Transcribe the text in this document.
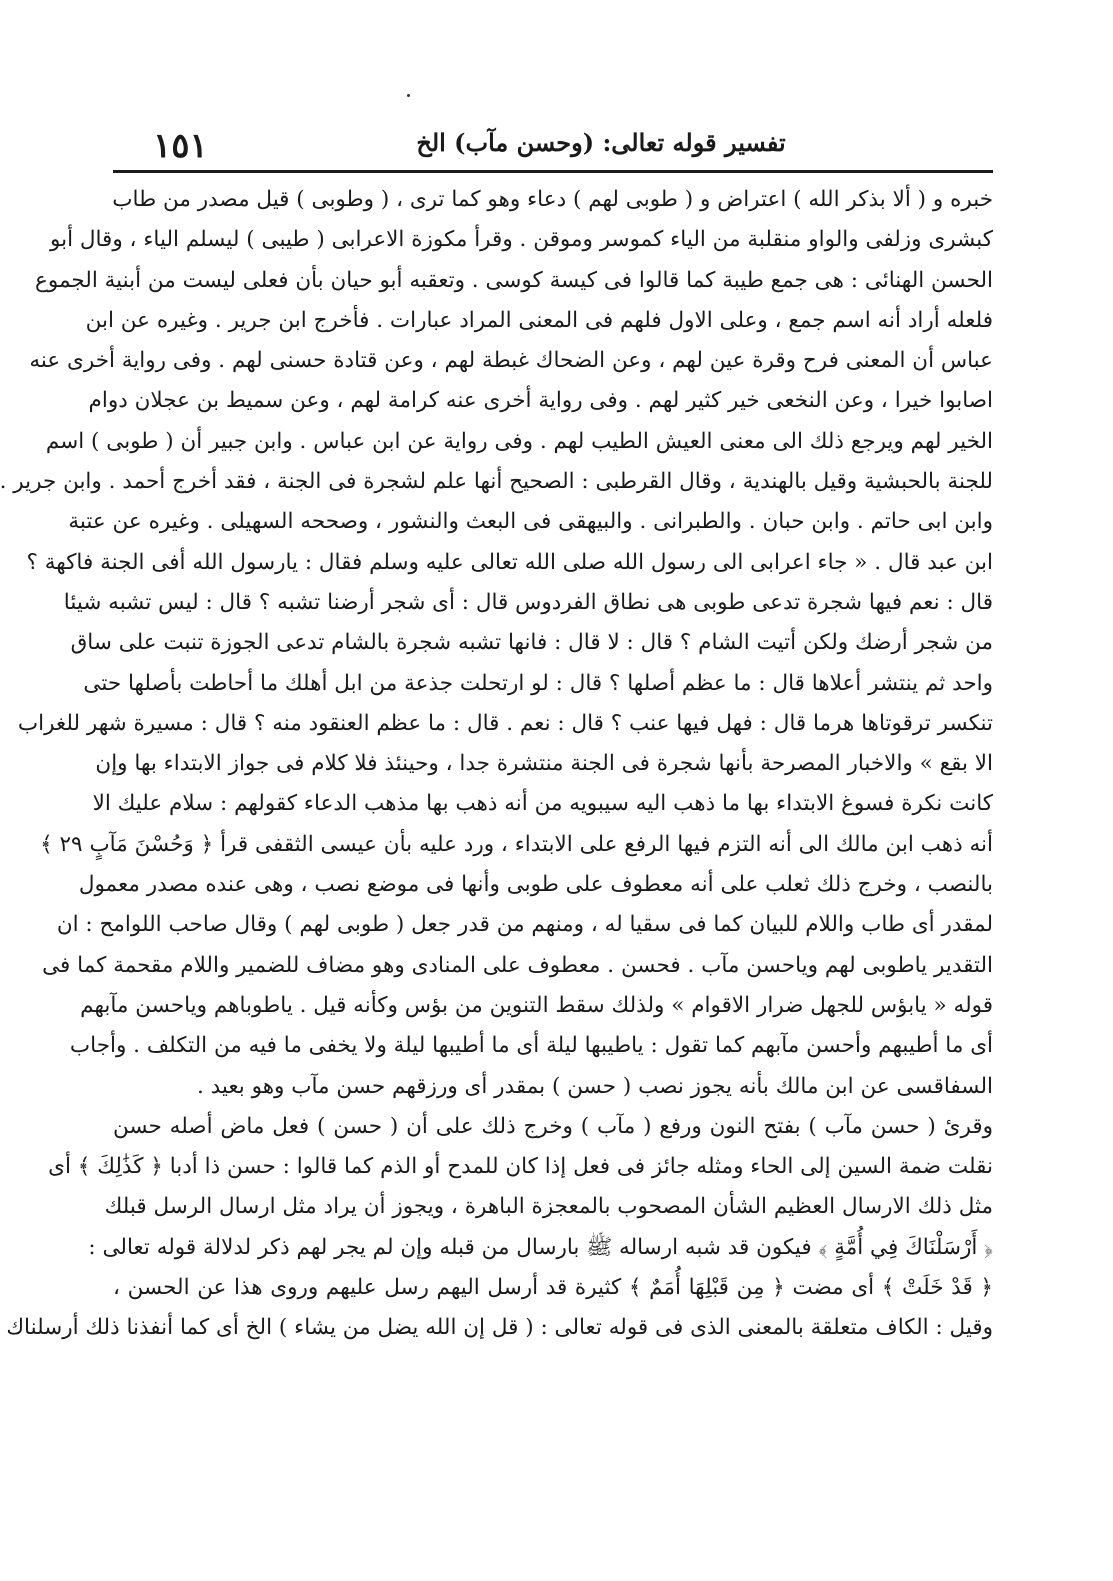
١٥١	تفسير قوله تعالى: (وحسن مآب) الخ
خبره و ( ألا بذكر الله ) اعتراض و ( طوبى لهم ) دعاء وهو كما ترى ، ( وطوبى ) قيل مصدر من طاب
كبشرى وزلفى والواو منقلبة من الياء كموسر وموقن . وقرأ مكوزة الاعرابى ( طيبى ) ليسلم الياء ، وقال أبو
الحسن الهنائى : هى جمع طيبة كما قالوا فى كيسة كوسى . وتعقبه أبو حيان بأن فعلى ليست من أبنية الجموع
فلعله أراد أنه اسم جمع ، وعلى الاول فلهم فى المعنى المراد عبارات . فأخرج ابن جرير . وغيره عن ابن
عباس أن المعنى فرح وقرة عين لهم ، وعن الضحاك غبطة لهم ، وعن قتادة حسنى لهم . وفى رواية أخرى عنه
اصابوا خيرا ، وعن النخعى خير كثير لهم . وفى رواية أخرى عنه كرامة لهم ، وعن سميط بن عجلان دوام
الخير لهم ويرجع ذلك الى معنى العيش الطيب لهم . وفى رواية عن ابن عباس . وابن جبير أن ( طوبى ) اسم
للجنة بالحبشية وقيل بالهندية ، وقال القرطبى : الصحيح أنها علم لشجرة فى الجنة ، فقد أخرج أحمد . وابن جرير .
وابن ابى حاتم . وابن حبان . والطبرانى . والبيهقى فى البعث والنشور ، وصححه السهيلى . وغيره عن عتبة
ابن عبد قال . « جاء اعرابى الى رسول الله صلى الله تعالى عليه وسلم فقال : يارسول الله أفى الجنة فاكهة ؟
قال : نعم فيها شجرة تدعى طوبى هى نطاق الفردوس قال : أى شجر أرضنا تشبه ؟ قال : ليس تشبه شيئا
من شجر أرضك ولكن أتيت الشام ؟ قال : لا قال : فانها تشبه شجرة بالشام تدعى الجوزة تنبت على ساق
واحد ثم ينتشر أعلاها قال : ما عظم أصلها ؟ قال : لو ارتحلت جذعة من ابل أهلك ما أحاطت بأصلها حتى
تنكسر ترقوتاها هرما قال : فهل فيها عنب ؟ قال : نعم . قال : ما عظم العنقود منه ؟ قال : مسيرة شهر للغراب
الا بقع » والاخبار المصرحة بأنها شجرة فى الجنة منتشرة جدا ، وحينئذ فلا كلام فى جواز الابتداء بها وإن
كانت نكرة فسوغ الابتداء بها ما ذهب اليه سيبويه من أنه ذهب بها مذهب الدعاء كقولهم : سلام عليك الا
أنه ذهب ابن مالك الى أنه التزم فيها الرفع على الابتداء ، ورد عليه بأن عيسى الثقفى قرأ ﴿ وَحُسْنَ مَآبٍ ٢٩ ﴾
بالنصب ، وخرج ذلك ثعلب على أنه معطوف على طوبى وأنها فى موضع نصب ، وهى عنده مصدر معمول
لمقدر أى طاب واللام للبيان كما فى سقيا له ، ومنهم من قدر جعل ( طوبى لهم ) وقال صاحب اللوامح : ان
التقدير ياطوبى لهم وياحسن مآب . فحسن . معطوف على المنادى وهو مضاف للضمير واللام مقحمة كما فى
قوله « يابؤس للجهل ضرار الاقوام » ولذلك سقط التنوين من بؤس وكأنه قيل . ياطوباهم وياحسن مآبهم
أى ما أطيبهم وأحسن مآبهم كما تقول : ياطيبها ليلة أى ما أطيبها ليلة ولا يخفى ما فيه من التكلف . وأجاب
السفاقسى عن ابن مالك بأنه يجوز نصب ( حسن ) بمقدر أى ورزقهم حسن مآب وهو بعيد .
وقرئ ( حسن مآب ) بفتح النون ورفع ( مآب ) وخرج ذلك على أن ( حسن ) فعل ماض أصله حسن
نقلت ضمة السين إلى الحاء ومثله جائز فى فعل إذا كان للمدح أو الذم كما قالوا : حسن ذا أدبا ﴿ كَذَٰلِكَ ﴾ أى
مثل ذلك الارسال العظيم الشأن المصحوب بالمعجزة الباهرة ، ويجوز أن يراد مثل ارسال الرسل قبلك
﴿ أَرْسَلْنَاكَ فِي أُمَّةٍ ﴾ فيكون قد شبه ارساله ﷺ بارسال من قبله وإن لم يجر لهم ذكر لدلالة قوله تعالى :
﴿ قَدْ خَلَتْ ﴾ أى مضت ﴿ مِن قَبْلِهَا أُمَمٌ ﴾ كثيرة قد أرسل اليهم رسل عليهم وروى هذا عن الحسن ،
وقيل : الكاف متعلقة بالمعنى الذى فى قوله تعالى : ( قل إن الله يضل من يشاء ) الخ أى كما أنفذنا ذلك أرسلناك
